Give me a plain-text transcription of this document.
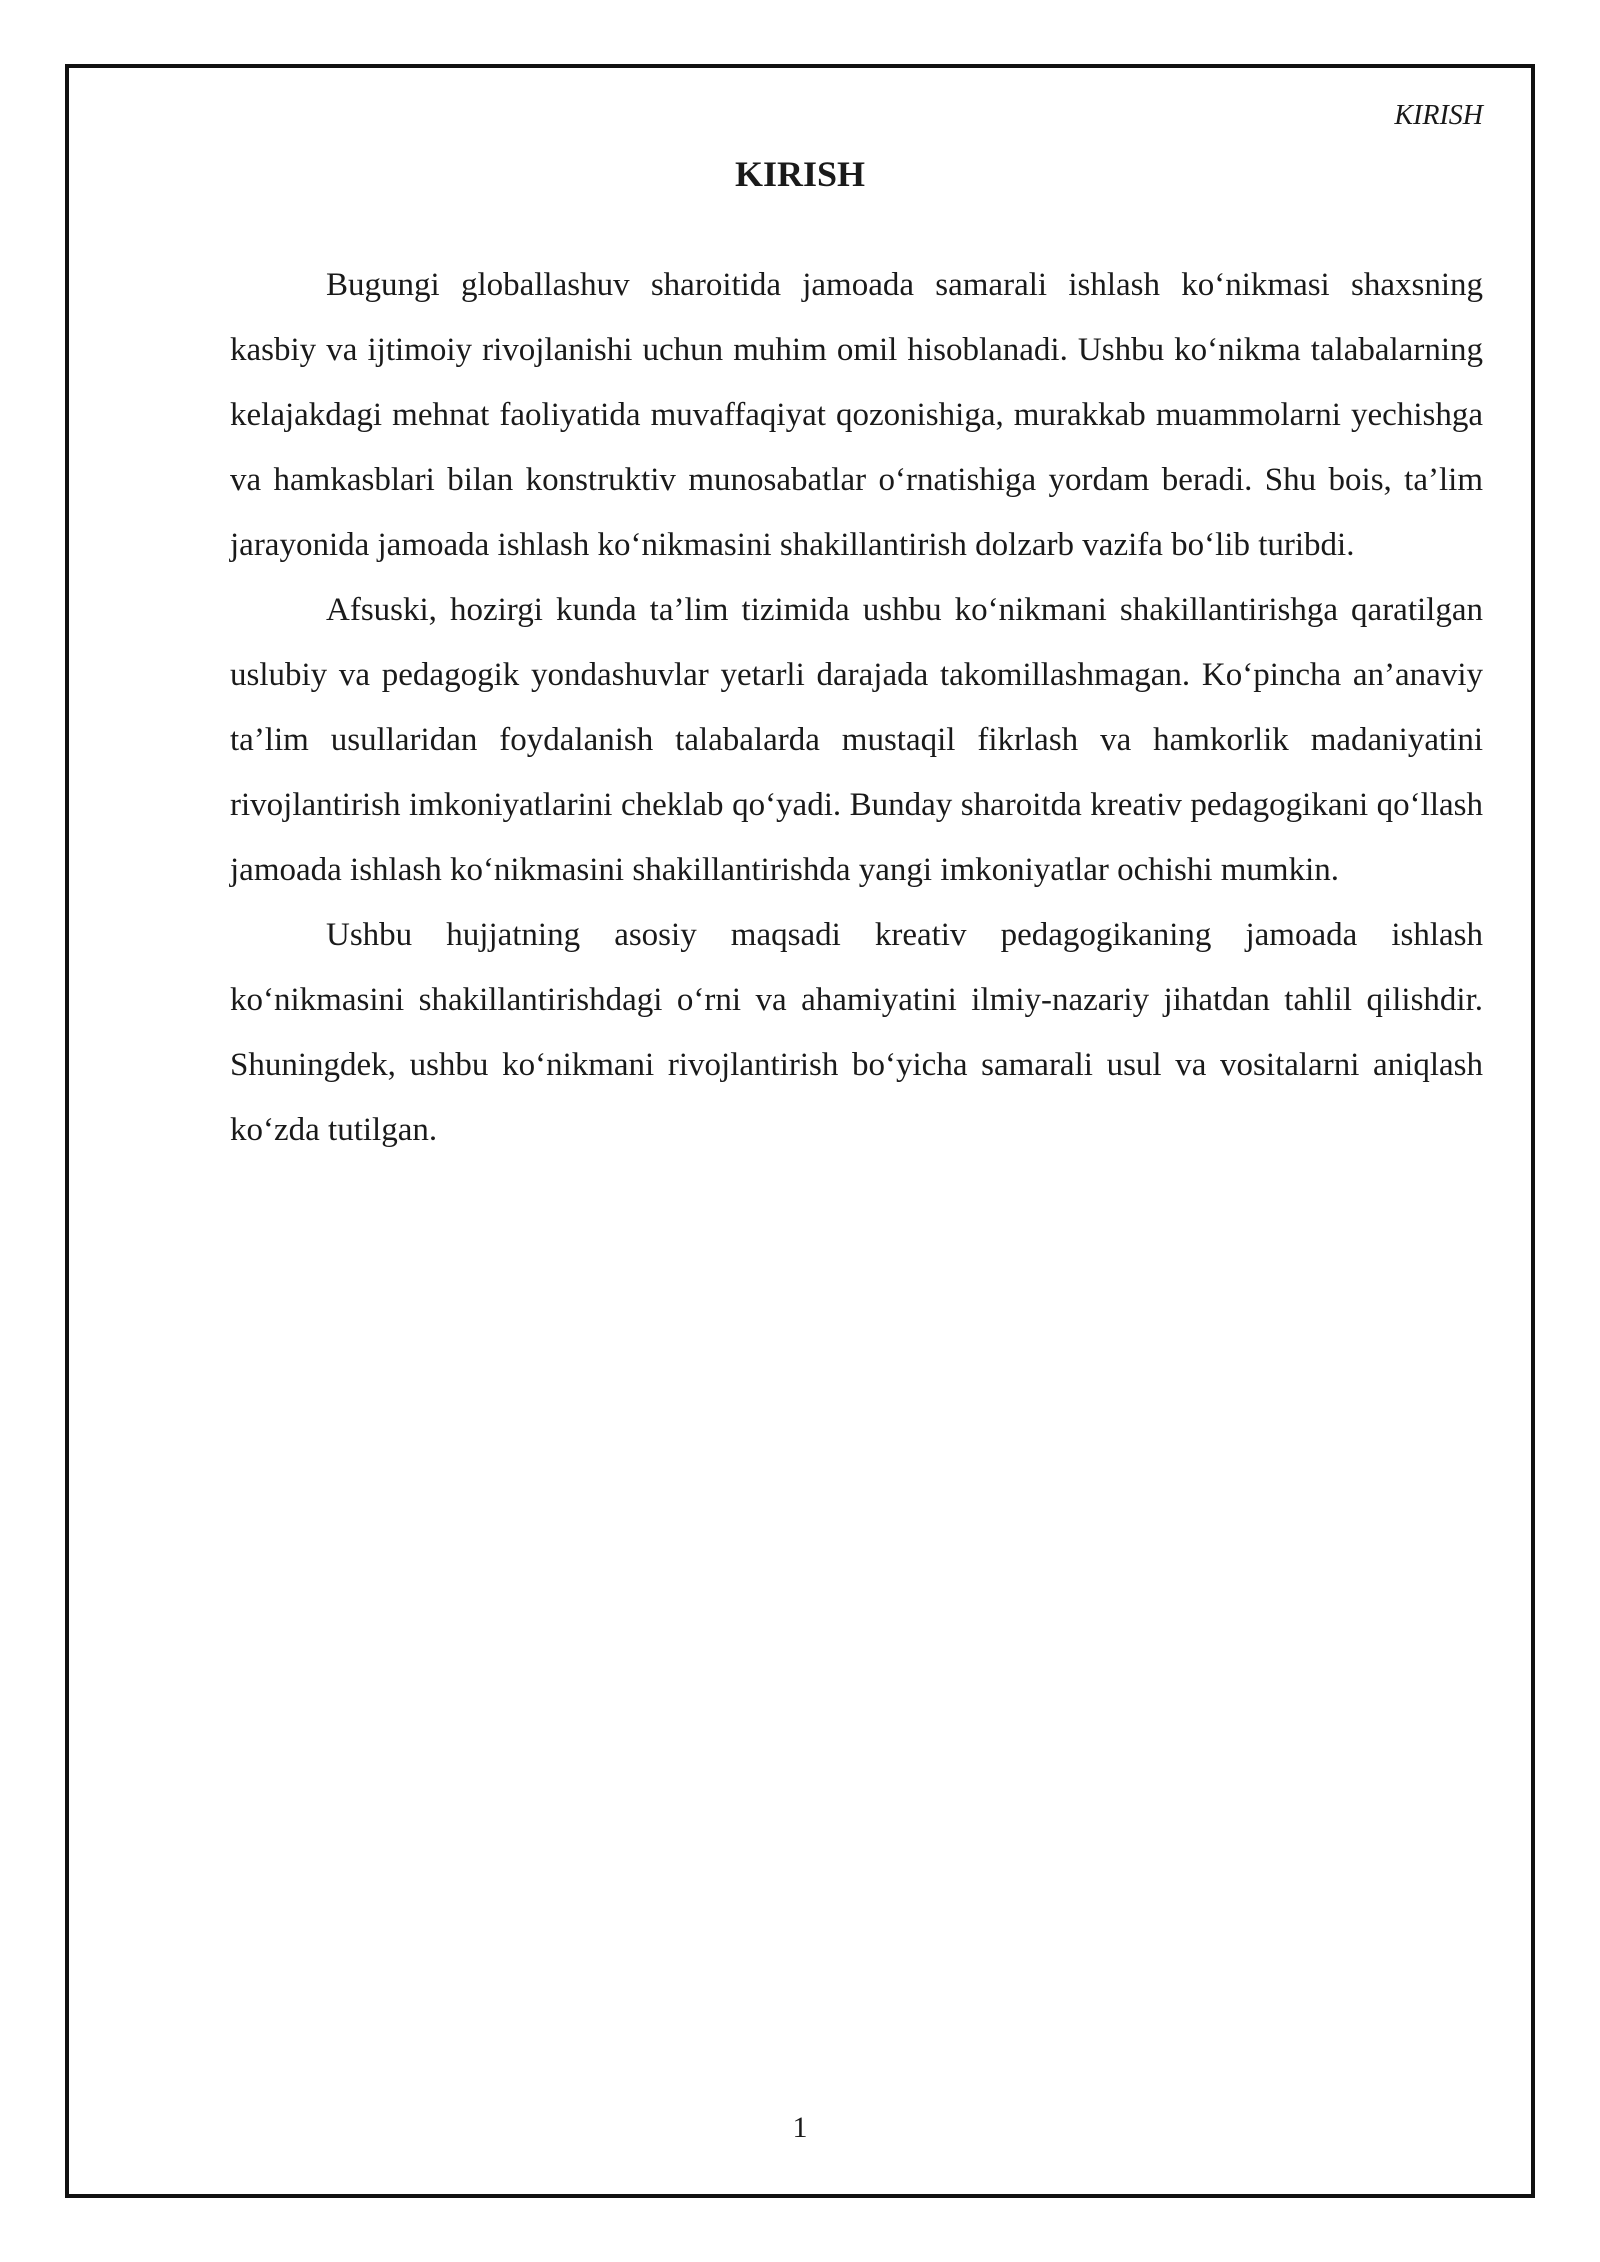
KIRISH
KIRISH

Bugungi globallashuv sharoitida jamoada samarali ishlash ko‘nikmasi shaxsning kasbiy va ijtimoiy rivojlanishi uchun muhim omil hisoblanadi. Ushbu ko‘nikma talabalarning kelajakdagi mehnat faoliyatida muvaffaqiyat qozonishiga, murakkab muammolarni yechishga va hamkasblari bilan konstruktiv munosabatlar o‘rnatishiga yordam beradi. Shu bois, ta’lim jarayonida jamoada ishlash ko‘nikmasini shakillantirish dolzarb vazifa bo‘lib turibdi.

Afsuski, hozirgi kunda ta’lim tizimida ushbu ko‘nikmani shakillantirishga qaratilgan uslubiy va pedagogik yondashuvlar yetarli darajada takomillashmagan. Ko‘pincha an’anaviy ta’lim usullaridan foydalanish talabalarda mustaqil fikrlash va hamkorlik madaniyatini rivojlantirish imkoniyatlarini cheklab qo‘yadi. Bunday sharoitda kreativ pedagogikani qo‘llash jamoada ishlash ko‘nikmasini shakillantirishda yangi imkoniyatlar ochishi mumkin.

Ushbu hujjatning asosiy maqsadi kreativ pedagogikaning jamoada ishlash ko‘nikmasini shakillantirishdagi o‘rni va ahamiyatini ilmiy-nazariy jihatdan tahlil qilishdir. Shuningdek, ushbu ko‘nikmani rivojlantirish bo‘yicha samarali usul va vositalarni aniqlash ko‘zda tutilgan.

1
